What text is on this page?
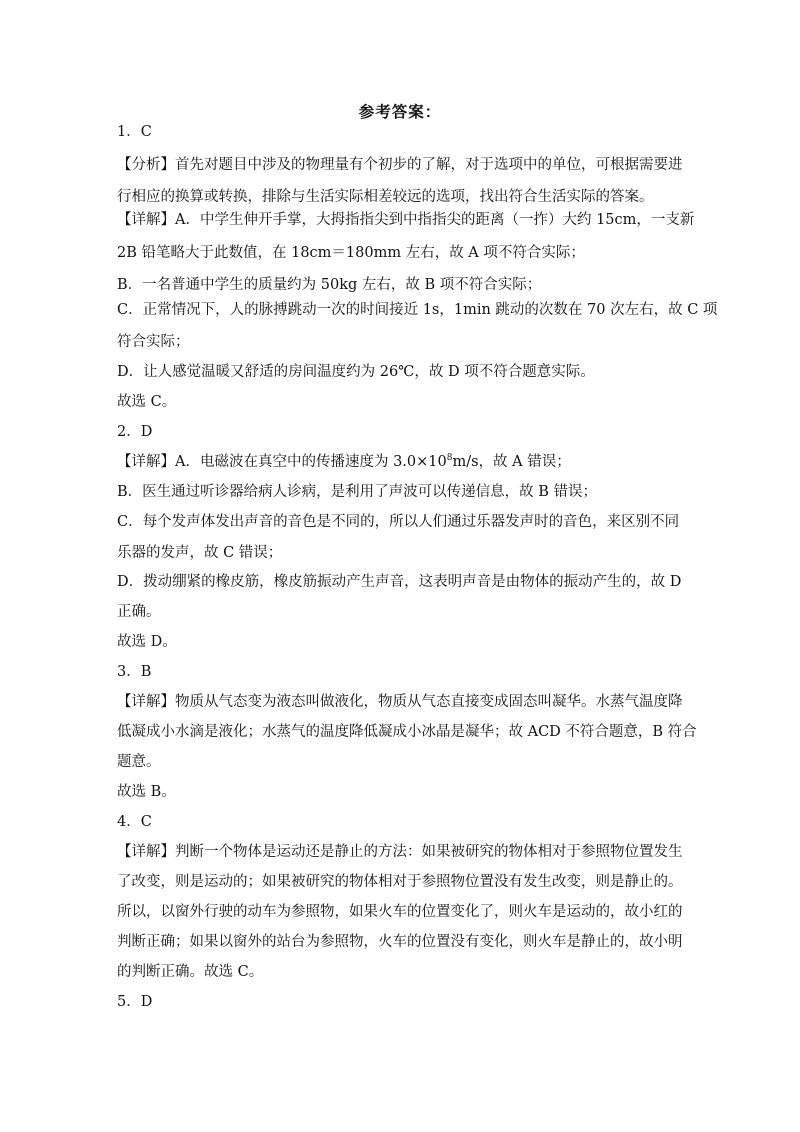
参考答案：
1．C
【分析】首先对题目中涉及的物理量有个初步的了解，对于选项中的单位，可根据需要进
行相应的换算或转换，排除与生活实际相差较远的选项，找出符合生活实际的答案。
【详解】A．中学生伸开手掌，大拇指指尖到中指指尖的距离（一拃）大约 15cm，一支新
2B 铅笔略大于此数值，在 18cm＝180mm 左右，故 A 项不符合实际；
B．一名普通中学生的质量约为 50kg 左右，故 B 项不符合实际；
C．正常情况下，人的脉搏跳动一次的时间接近 1s，1min 跳动的次数在 70 次左右，故 C 项
符合实际；
D．让人感觉温暖又舒适的房间温度约为 26℃，故 D 项不符合题意实际。
故选 C。
2．D
B．医生通过听诊器给病人诊病，是利用了声波可以传递信息，故 B 错误；
C．每个发声体发出声音的音色是不同的，所以人们通过乐器发声时的音色，来区别不同
乐器的发声，故 C 错误；
D．拨动绷紧的橡皮筋，橡皮筋振动产生声音，这表明声音是由物体的振动产生的，故 D
正确。
故选 D。
3．B
【详解】物质从气态变为液态叫做液化，物质从气态直接变成固态叫凝华。水蒸气温度降
低凝成小水滴是液化；水蒸气的温度降低凝成小冰晶是凝华；故 ACD 不符合题意，B 符合
题意。
故选 B。
4．C
【详解】判断一个物体是运动还是静止的方法：如果被研究的物体相对于参照物位置发生
了改变，则是运动的；如果被研究的物体相对于参照物位置没有发生改变，则是静止的。
所以，以窗外行驶的动车为参照物，如果火车的位置变化了，则火车是运动的，故小红的
判断正确；如果以窗外的站台为参照物，火车的位置没有变化，则火车是静止的，故小明
的判断正确。故选 C。
5．D
【详解】A．电磁波在真空中的传播速度为 $3.0\times 10^8m/s$，故 A 错误；
